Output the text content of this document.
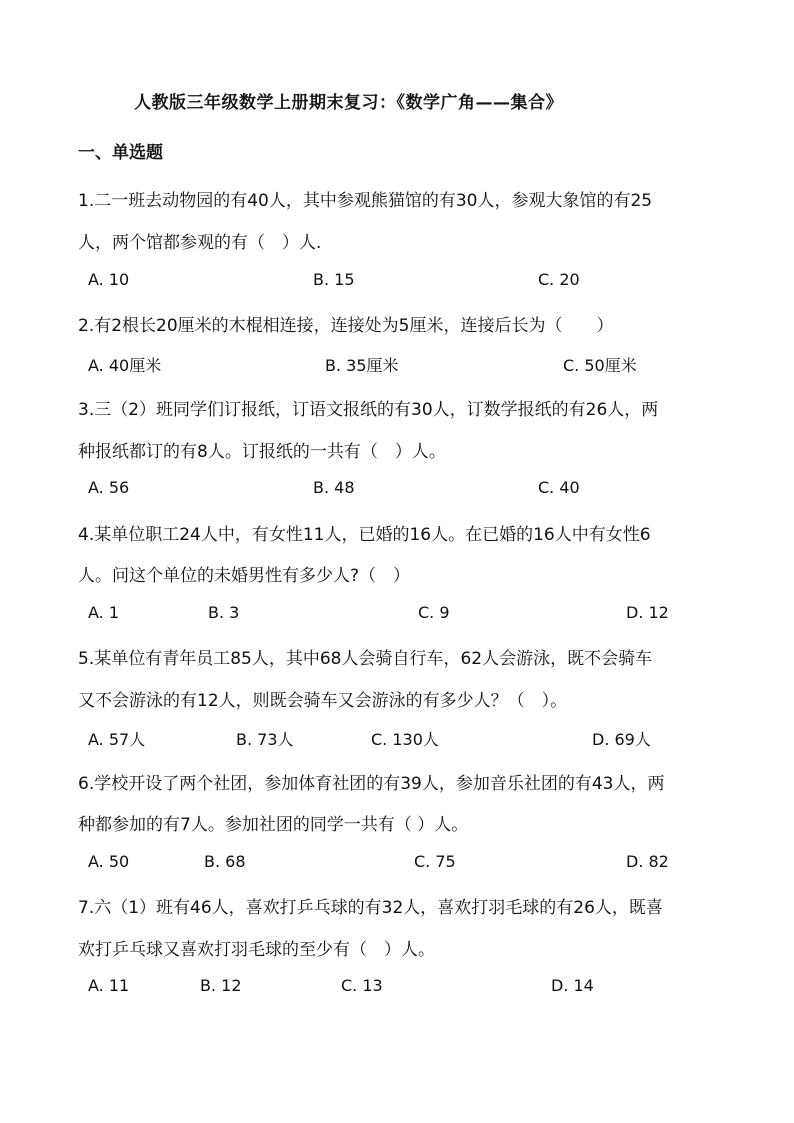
人教版三年级数学上册期末复习：《数学广角——集合》
一、单选题
1.二一班去动物园的有40人，其中参观熊猫馆的有30人，参观大象馆的有25
人，两个馆都参观的有（　）人.
A. 10	B. 15	C. 20
2.有2根长20厘米的木棍相连接，连接处为5厘米，连接后长为（　　）
A. 40厘米	B. 35厘米	C. 50厘米
3.三（2）班同学们订报纸，订语文报纸的有30人，订数学报纸的有26人，两
种报纸都订的有8人。订报纸的一共有（　）人。
A. 56	B. 48	C. 40
4.某单位职工24人中，有女性11人，已婚的16人。在已婚的16人中有女性6
人。问这个单位的未婚男性有多少人?（　）
A. 1	B. 3	C. 9	D. 12
5.某单位有青年员工85人，其中68人会骑自行车，62人会游泳，既不会骑车
又不会游泳的有12人，则既会骑车又会游泳的有多少人？（　）。
A. 57人	B. 73人	C. 130人	D. 69人
6.学校开设了两个社团，参加体育社团的有39人，参加音乐社团的有43人，两
种都参加的有7人。参加社团的同学一共有（ ）人。
A. 50	B. 68	C. 75	D. 82
7.六（1）班有46人，喜欢打乒乓球的有32人，喜欢打羽毛球的有26人，既喜
欢打乒乓球又喜欢打羽毛球的至少有（　）人。
A. 11	B. 12	C. 13	D. 14
